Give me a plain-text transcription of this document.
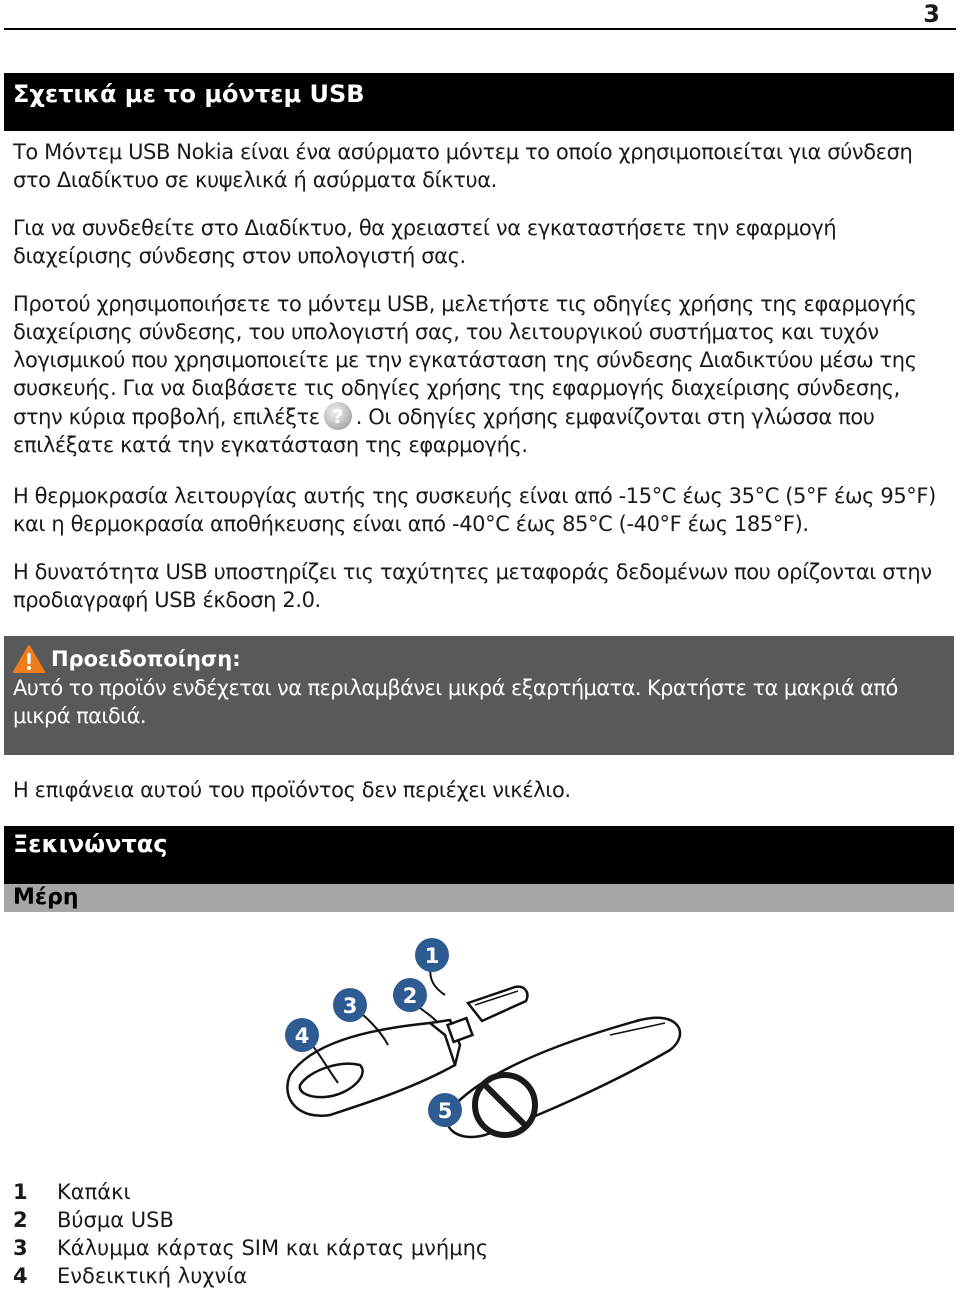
3
Σχετικά με το μόντεμ USB

Το Μόντεμ USB Nokia είναι ένα ασύρματο μόντεμ το οποίο χρησιμοποιείται για σύνδεση στο Διαδίκτυο σε κυψελικά ή ασύρματα δίκτυα.

Για να συνδεθείτε στο Διαδίκτυο, θα χρειαστεί να εγκαταστήσετε την εφαρμογή διαχείρισης σύνδεσης στον υπολογιστή σας.

Προτού χρησιμοποιήσετε το μόντεμ USB, μελετήστε τις οδηγίες χρήσης της εφαρμογής διαχείρισης σύνδεσης, του υπολογιστή σας, του λειτουργικού συστήματος και τυχόν λογισμικού που χρησιμοποιείτε με την εγκατάσταση της σύνδεσης Διαδικτύου μέσω της συσκευής. Για να διαβάσετε τις οδηγίες χρήσης της εφαρμογής διαχείρισης σύνδεσης, στην κύρια προβολή, επιλέξτε? . Οι οδηγίες χρήσης εμφανίζονται στη γλώσσα που επιλέξατε κατά την εγκατάσταση της εφαρμογής.

Η θερμοκρασία λειτουργίας αυτής της συσκευής είναι από -15°C έως 35°C (5°F έως 95°F) και η θερμοκρασία αποθήκευσης είναι από -40°C έως 85°C (-40°F έως 185°F).

Η δυνατότητα USB υποστηρίζει τις ταχύτητες μεταφοράς δεδομένων που ορίζονται στην προδιαγραφή USB έκδοση 2.0.

Προειδοποίηση:
Αυτό το προϊόν ενδέχεται να περιλαμβάνει μικρά εξαρτήματα. Κρατήστε τα μακριά από μικρά παιδιά.

Η επιφάνεια αυτού του προϊόντος δεν περιέχει νικέλιο.

Ξεκινώντας
Μέρη
1
2
3
4
5
1	Καπάκι
2	Βύσμα USB
3	Κάλυμμα κάρτας SIM και κάρτας μνήμης
4	Ενδεικτική λυχνία
